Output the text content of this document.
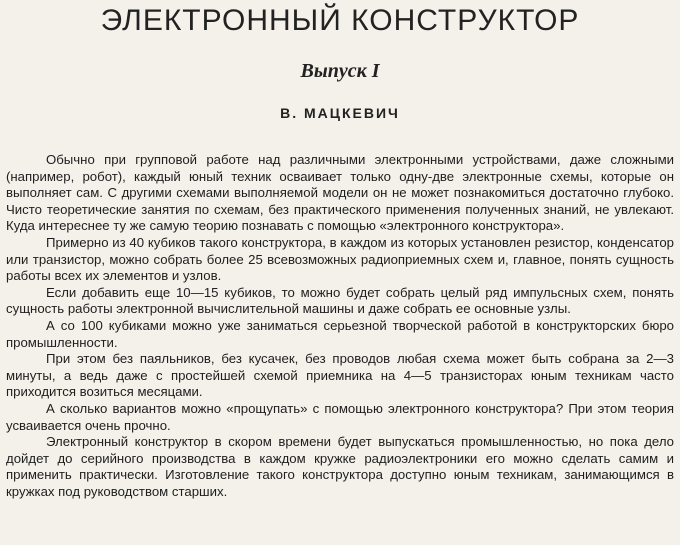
ЭЛЕКТРОННЫЙ КОНСТРУКТОР
Выпуск I
В. МАЦКЕВИЧ

Обычно при групповой работе над различными электронными устройствами, даже сложными (например, робот), каждый юный техник осваивает только одну-две электронные схемы, которые он выполняет сам. С другими схемами выполняемой модели он не может познакомиться достаточно глубоко. Чисто теоретические занятия по схемам, без практического применения полученных знаний, не увлекают. Куда интереснее ту же самую теорию познавать с помощью «электронного конструктора».

Примерно из 40 кубиков такого конструктора, в каждом из которых установлен резистор, конденсатор или транзистор, можно собрать более 25 всевозможных радиоприемных схем и, главное, понять сущность работы всех их элементов и узлов.

Если добавить еще 10—15 кубиков, то можно будет собрать целый ряд импульсных схем, понять сущность работы электронной вычислительной машины и даже собрать ее основные узлы.

А со 100 кубиками можно уже заниматься серьезной творческой работой в конструкторских бюро промышленности.

При этом без паяльников, без кусачек, без проводов любая схема может быть собрана за 2—3 минуты, а ведь даже с простейшей схемой приемника на 4—5 транзисторах юным техникам часто приходится возиться месяцами.

А сколько вариантов можно «прощупать» с помощью электронного конструктора? При этом теория усваивается очень прочно.

Электронный конструктор в скором времени будет выпускаться промышленностью, но пока дело дойдет до серийного производства в каждом кружке радиоэлектроники его можно сделать самим и применить практически. Изготовление такого конструктора доступно юным техникам, занимающимся в кружках под руководством старших.
